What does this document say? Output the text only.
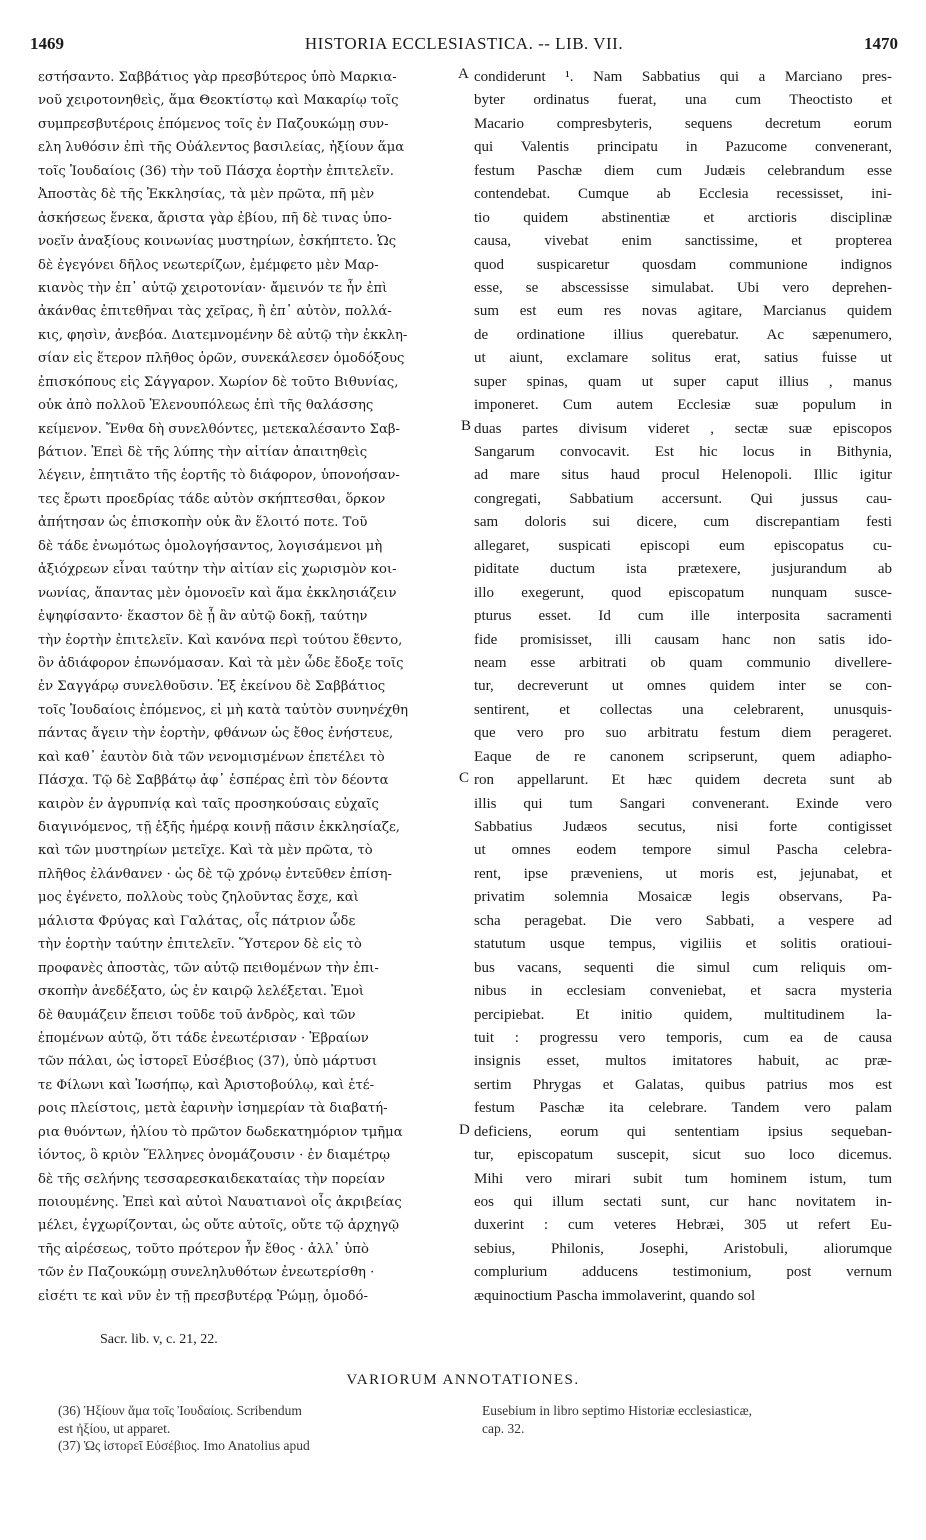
1469	HISTORIA ECCLESIASTICA. -- LIB. VII.	1470
εστήσαντο. Σαββάτιος γὰρ πρεσβύτερος ὑπὸ Μαρκια-
νοῦ χειροτονηθεὶς, ἅμα Θεοκτίστῳ καὶ Μακαρίῳ τοῖς
συμπρεσβυτέροις ἑπόμενος τοῖς ἐν Παζουκώμῃ συν-
ελη λυθόσιν ἐπὶ τῆς Οὐάλεντος βασιλείας, ἠξίουν ἅμα
τοῖς Ἰουδαίοις (36) τὴν τοῦ Πάσχα ἑορτὴν ἐπιτελεῖν.
Ἀποστὰς δὲ τῆς Ἐκκλησίας, τὰ μὲν πρῶτα, πῆ μὲν
ἀσκήσεως ἕνεκα, ἄριστα γὰρ ἐβίου, πῆ δὲ τινας ὑπο-
νοεῖν ἀναξίους κοινωνίας μυστηρίων, ἐσκήπτετο. Ὡς
δὲ ἐγεγόνει δῆλος νεωτερίζων, ἐμέμφετο μὲν Μαρ-
κιανὸς τὴν ἐπ᾽ αὐτῷ χειροτονίαν· ἄμεινόν τε ἦν ἐπὶ
ἀκάνθας ἐπιτεθῆναι τὰς χεῖρας, ἢ ἐπ᾽ αὐτὸν, πολλά-
κις, φησὶν, ἀνεβόα. Διατεμνομένην δὲ αὐτῷ τὴν ἐκκλη-
σίαν εἰς ἕτερον πλῆθος ὁρῶν, συνεκάλεσεν ὁμοδόξους
ἐπισκόπους εἰς Σάγγαρον. Χωρίον δὲ τοῦτο Βιθυνίας,
οὐκ ἀπὸ πολλοῦ Ἑλενουπόλεως ἐπὶ τῆς θαλάσσης
κείμενον. Ἔνθα δὴ συνελθόντες, μετεκαλέσαντο Σαβ-
βάτιον. Ἐπεὶ δὲ τῆς λύπης τὴν αἰτίαν ἀπαιτηθεὶς
λέγειν, ἐπητιᾶτο τῆς ἑορτῆς τὸ διάφορον, ὑπονοήσαν-
τες ἔρωτι προεδρίας τάδε αὐτὸν σκήπτεσθαι, ὅρκον
ἀπήτησαν ὡς ἐπισκοπὴν οὐκ ἂν ἕλοιτό ποτε. Τοῦ
δὲ τάδε ἐνωμότως ὁμολογήσαντος, λογισάμενοι μὴ
ἀξιόχρεων εἶναι ταύτην τὴν αἰτίαν εἰς χωρισμὸν κοι-
νωνίας, ἅπαντας μὲν ὁμονοεῖν καὶ ἅμα ἐκκλησιάζειν
ἐψηφίσαντο· ἕκαστον δὲ ᾗ ἂν αὐτῷ δοκῇ, ταύτην
τὴν ἑορτὴν ἐπιτελεῖν. Καὶ κανόνα περὶ τούτου ἔθεντο,
ὃν ἀδιάφορον ἐπωνόμασαν. Καὶ τὰ μὲν ὧδε ἔδοξε τοῖς
ἐν Σαγγάρῳ συνελθοῦσιν. Ἐξ ἐκείνου δὲ Σαββάτιος
τοῖς Ἰουδαίοις ἑπόμενος, εἰ μὴ κατὰ ταὐτὸν συνηνέχθη
πάντας ἄγειν τὴν ἑορτὴν, φθάνων ὡς ἔθος ἐνήστευε,
καὶ καθ᾽ ἑαυτὸν διὰ τῶν νενομισμένων ἐπετέλει τὸ
Πάσχα. Τῷ δὲ Σαββάτῳ ἀφ᾽ ἑσπέρας ἐπὶ τὸν δέοντα
καιρὸν ἐν ἀγρυπνίᾳ καὶ ταῖς προσηκούσαις εὐχαῖς
διαγινόμενος, τῇ ἑξῆς ἡμέρᾳ κοινῇ πᾶσιν ἐκκλησίαζε,
καὶ τῶν μυστηρίων μετεῖχε. Καὶ τὰ μὲν πρῶτα, τὸ
πλῆθος ἐλάνθανεν · ὡς δὲ τῷ χρόνῳ ἐντεῦθεν ἐπίση-
μος ἐγένετο, πολλοὺς τοὺς ζηλοῦντας ἔσχε, καὶ
μάλιστα Φρύγας καὶ Γαλάτας, οἷς πάτριον ὧδε
τὴν ἑορτὴν ταύτην ἐπιτελεῖν. Ὕστερον δὲ εἰς τὸ
προφανὲς ἀποστὰς, τῶν αὐτῷ πειθομένων τὴν ἐπι-
σκοπὴν ἀνεδέξατο, ὡς ἐν καιρῷ λελέξεται. Ἐμοὶ
δὲ θαυμάζειν ἔπεισι τοῦδε τοῦ ἀνδρὸς, καὶ τῶν
ἑπομένων αὐτῷ, ὅτι τάδε ἐνεωτέρισαν · Ἑβραίων
τῶν πάλαι, ὡς ἱστορεῖ Εὐσέβιος (37), ὑπὸ μάρτυσι
τε Φίλωνι καὶ Ἰωσήπῳ, καὶ Ἀριστοβούλῳ, καὶ ἑτέ-
ροις πλείστοις, μετὰ ἐαρινὴν ἰσημερίαν τὰ διαβατή-
ρια θυόντων, ἡλίου τὸ πρῶτον δωδεκατημόριον τμῆμα
ἰόντος, ὃ κριὸν Ἕλληνες ὀνομάζουσιν · ἐν διαμέτρῳ
δὲ τῆς σελήνης τεσσαρεσκαιδεκαταίας τὴν πορείαν
ποιουμένης. Ἐπεὶ καὶ αὐτοὶ Ναυατιανοὶ οἷς ἀκριβείας
μέλει, ἐγχωρίζονται, ὡς οὔτε αὐτοῖς, οὔτε τῷ ἀρχηγῷ
τῆς αἱρέσεως, τοῦτο πρότερον ἦν ἔθος · ἀλλ᾽ ὑπὸ
τῶν ἐν Παζουκώμῃ συνεληλυθότων ἐνεωτερίσθη ·
εἰσέτι τε καὶ νῦν ἐν τῇ πρεσβυτέρᾳ Ῥώμῃ, ὁμοδό-
condiderunt ¹. Nam Sabbatius qui a Marciano pres-
byter ordinatus fuerat, una cum Theoctisto et
Macario compresbyteris, sequens decretum eorum
qui Valentis principatu in Pazucome convenerant,
festum Paschæ diem cum Judæis celebrandum esse
contendebat. Cumque ab Ecclesia recessisset, ini-
tio quidem abstinentiæ et arctioris disciplinæ
causa, vivebat enim sanctissime, et propterea
quod suspicaretur quosdam communione indignos
esse, se abscessisse simulabat. Ubi vero deprehen-
sum est eum res novas agitare, Marcianus quidem
de ordinatione illius querebatur. Ac sæpenumero,
ut aiunt, exclamare solitus erat, satius fuisse ut
super spinas, quam ut super caput illius , manus
imponeret. Cum autem Ecclesiæ suæ populum in
duas partes divisum videret , sectæ suæ episcopos
Sangarum convocavit. Est hic locus in Bithynia,
ad mare situs haud procul Helenopoli. Illic igitur
congregati, Sabbatium accersunt. Qui jussus cau-
sam doloris sui dicere, cum discrepantiam festi
allegaret, suspicati episcopi eum episcopatus cu-
piditate ductum ista prætexere, jusjurandum ab
illo exegerunt, quod episcopatum nunquam susce-
pturus esset. Id cum ille interposita sacramenti
fide promisisset, illi causam hanc non satis ido-
neam esse arbitrati ob quam communio divellere-
tur, decreverunt ut omnes quidem inter se con-
sentirent, et collectas una celebrarent, unusquis-
que vero pro suo arbitratu festum diem perageret.
Eaque de re canonem scripserunt, quem adiapho-
ron appellarunt. Et hæc quidem decreta sunt ab
illis qui tum Sangari convenerant. Exinde vero
Sabbatius Judæos secutus, nisi forte contigisset
ut omnes eodem tempore simul Pascha celebra-
rent, ipse præveniens, ut moris est, jejunabat, et
privatim solemnia Mosaicæ legis observans, Pa-
scha peragebat. Die vero Sabbati, a vespere ad
statutum usque tempus, vigiliis et solitis oratioui-
bus vacans, sequenti die simul cum reliquis om-
nibus in ecclesiam conveniebat, et sacra mysteria
percipiebat. Et initio quidem, multitudinem la-
tuit : progressu vero temporis, cum ea de causa
insignis esset, multos imitatores habuit, ac præ-
sertim Phrygas et Galatas, quibus patrius mos est
festum Paschæ ita celebrare. Tandem vero palam
deficiens, eorum qui sententiam ipsius sequeban-
tur, episcopatum suscepit, sicut suo loco dicemus.
Mihi vero mirari subit tum hominem istum, tum
eos qui illum sectati sunt, cur hanc novitatem in-
duxerint : cum veteres Hebræi, 305 ut refert Eu-
sebius, Philonis, Josephi, Aristobuli, aliorumque
complurium adducens testimonium, post vernum
æquinoctium Pascha immolaverint, quando sol
A
B
C
D
Sacr. lib. v, c. 21, 22.
VARIORUM ANNOTATIONES.
(36) Ἠξίουν ἅμα τοῖς Ἰουδαίοις. Scribendum
est ἠξίου, ut apparet.
(37) Ὡς ἱστορεῖ Εὐσέβιος. Imo Anatolius apud
Eusebium in libro septimo Historiæ ecclesiasticæ,
cap. 32.
